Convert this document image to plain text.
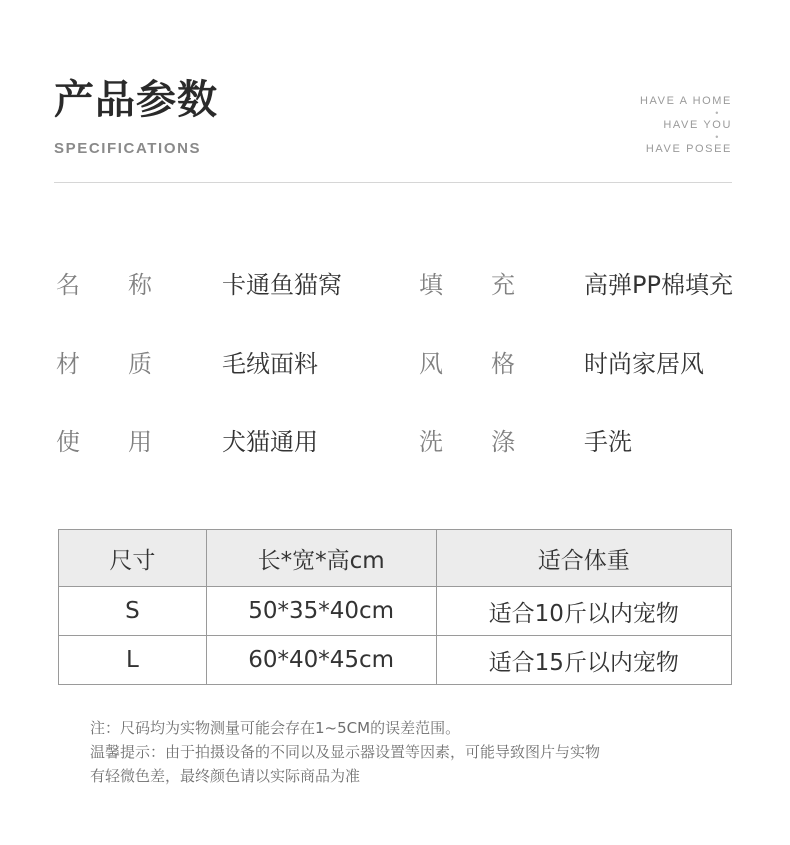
产品参数
SPECIFICATIONS
HAVE A HOME
•
HAVE YOU
•
HAVE POSEE
名 称	卡通鱼猫窝	填 充	高弹PP棉填充
材 质	毛绒面料	风 格	时尚家居风
使 用	犬猫通用	洗 涤	手洗
尺寸	长*宽*高cm	适合体重
S	50*35*40cm	适合10斤以内宠物
L	60*40*45cm	适合15斤以内宠物
注：尺码均为实物测量可能会存在1~5CM的误差范围。
温馨提示：由于拍摄设备的不同以及显示器设置等因素，可能导致图片与实物
有轻微色差，最终颜色请以实际商品为准
